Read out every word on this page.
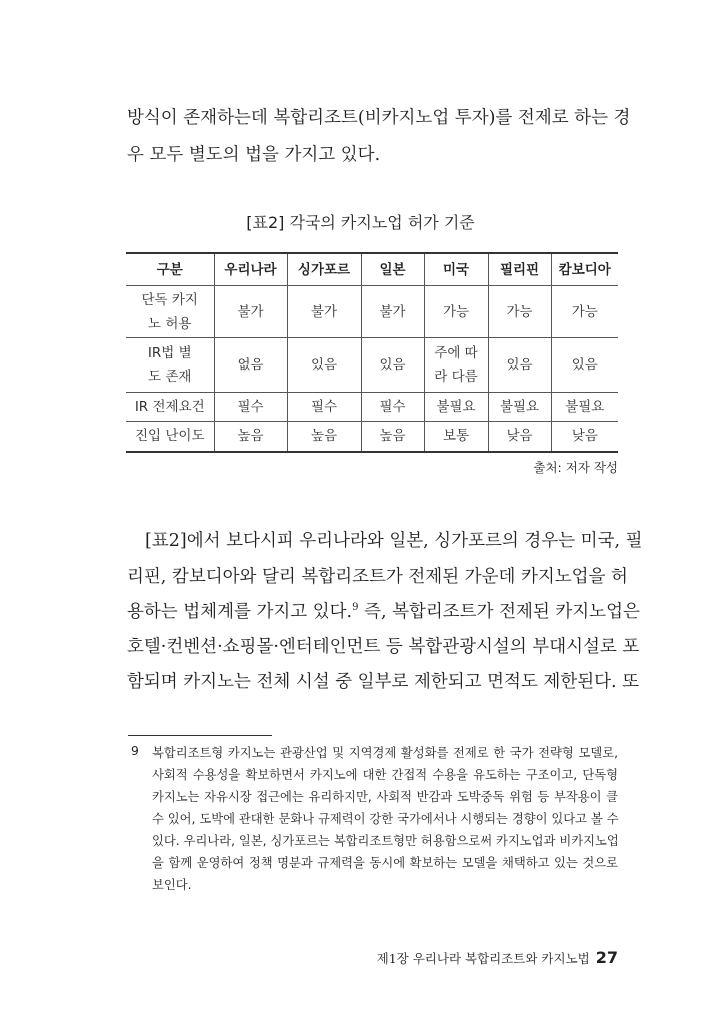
방식이 존재하는데 복합리조트(비카지노업 투자)를 전제로 하는 경
우 모두 별도의 법을 가지고 있다.
[표2] 각국의 카지노업 허가 기준
구분	우리나라	싱가포르	일본	미국	필리핀	캄보디아
단독 카지노 허용	불가	불가	불가	가능	가능	가능
IR법 별도 존재	없음	있음	있음	주에 따라 다름	있음	있음
IR 전제요건	필수	필수	필수	불필요	불필요	불필요
진입 난이도	높음	높음	높음	보통	낮음	낮음
출처: 저자 작성
[표2]에서 보다시피 우리나라와 일본, 싱가포르의 경우는 미국, 필
리핀, 캄보디아와 달리 복합리조트가 전제된 가운데 카지노업을 허
용하는 법체계를 가지고 있다.$^9$ 즉, 복합리조트가 전제된 카지노업은
호텔·컨벤션·쇼핑몰·엔터테인먼트 등 복합관광시설의 부대시설로 포
함되며 카지노는 전체 시설 중 일부로 제한되고 면적도 제한된다. 또
9 복합리조트형 카지노는 관광산업 및 지역경제 활성화를 전제로 한 국가 전략형 모델로,
사회적 수용성을 확보하면서 카지노에 대한 간접적 수용을 유도하는 구조이고, 단독형
카지노는 자유시장 접근에는 유리하지만, 사회적 반감과 도박중독 위험 등 부작용이 클
수 있어, 도박에 관대한 문화나 규제력이 강한 국가에서나 시행되는 경향이 있다고 볼 수
있다. 우리나라, 일본, 싱가포르는 복합리조트형만 허용함으로써 카지노업과 비카지노업
을 함께 운영하여 정책 명분과 규제력을 동시에 확보하는 모델을 채택하고 있는 것으로
보인다.
제1장 우리나라 복합리조트와 카지노법 27
